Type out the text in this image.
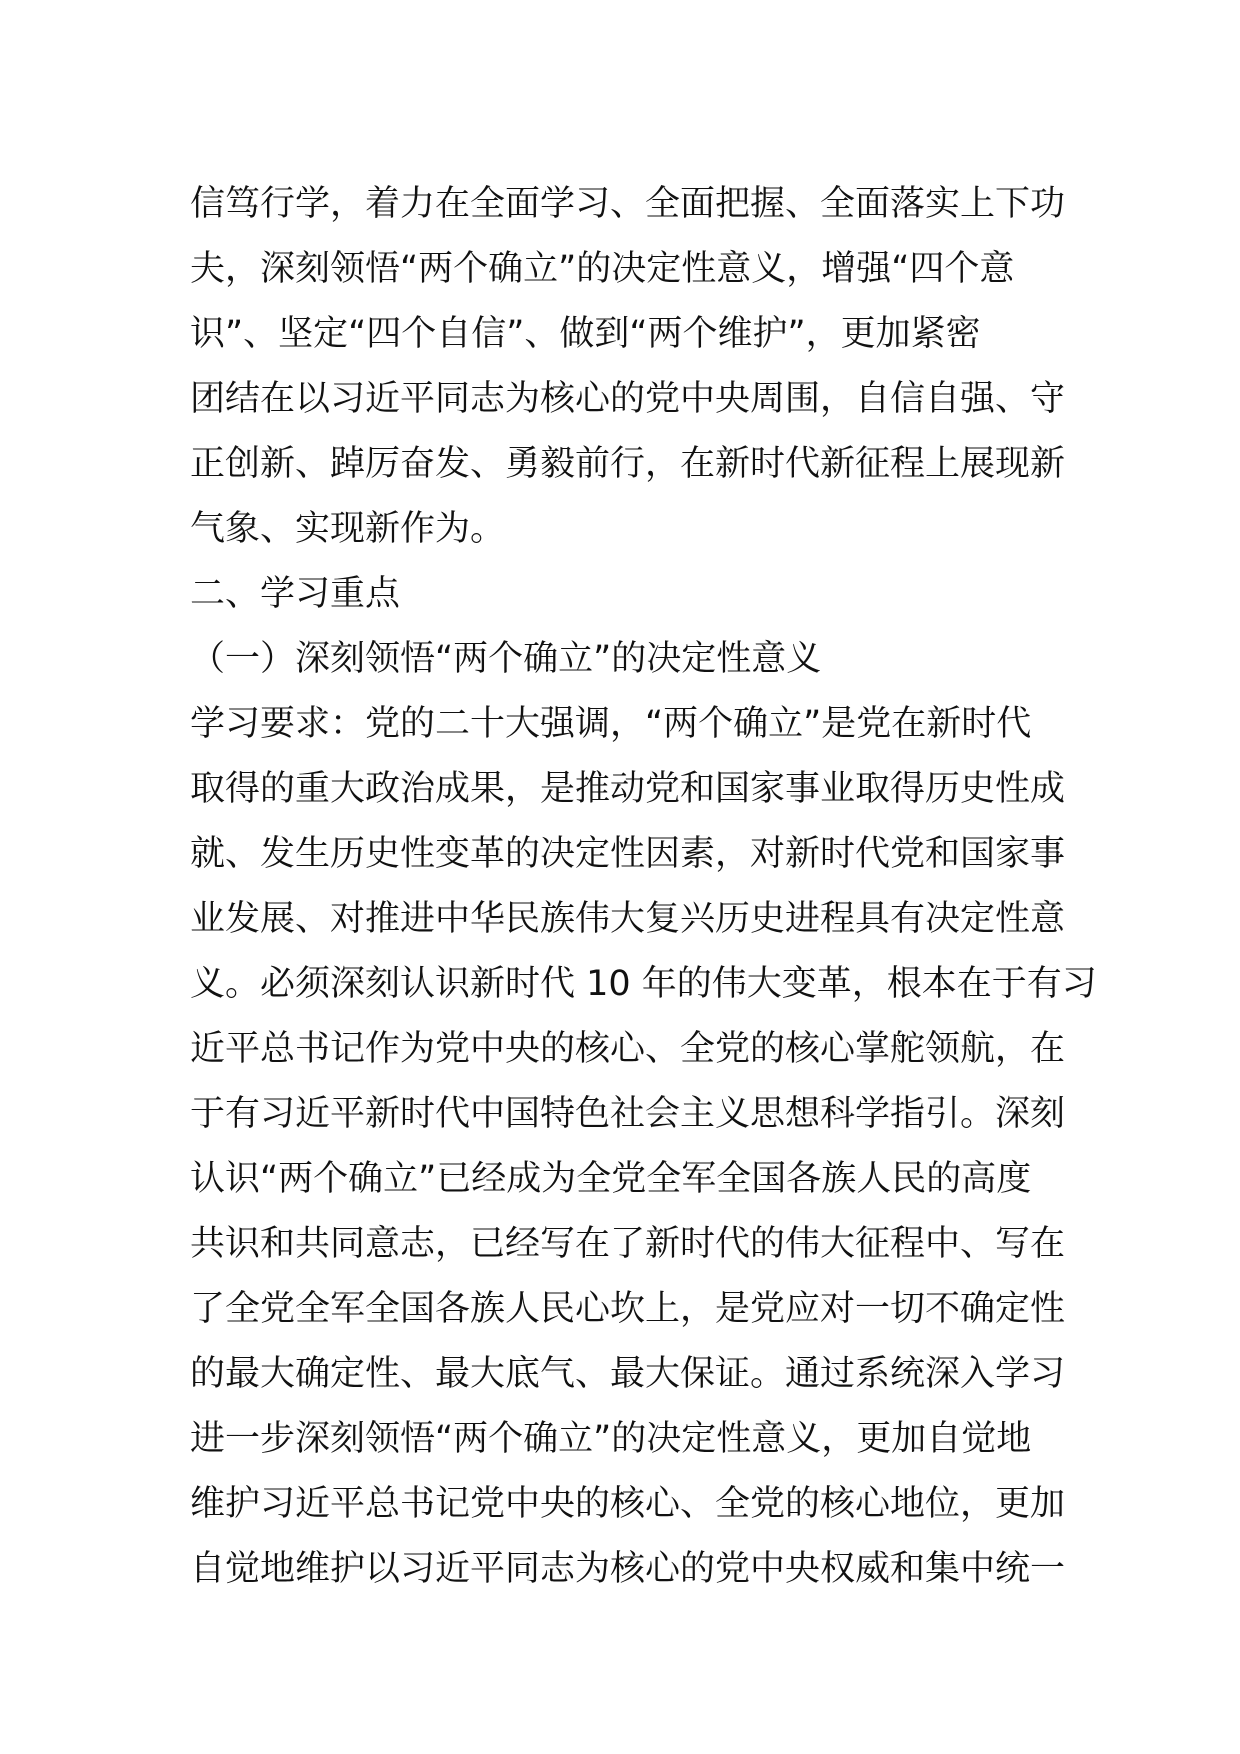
信笃行学，着力在全面学习、全面把握、全面落实上下功
夫，深刻领悟“两个确立”的决定性意义，增强“四个意
识”、坚定“四个自信”、做到“两个维护”，更加紧密
团结在以习近平同志为核心的党中央周围，自信自强、守
正创新、踔厉奋发、勇毅前行，在新时代新征程上展现新
气象、实现新作为。
二、学习重点
（一）深刻领悟“两个确立”的决定性意义
学习要求：党的二十大强调，“两个确立”是党在新时代
取得的重大政治成果，是推动党和国家事业取得历史性成
就、发生历史性变革的决定性因素，对新时代党和国家事
业发展、对推进中华民族伟大复兴历史进程具有决定性意
义。必须深刻认识新时代 10 年的伟大变革，根本在于有习
近平总书记作为党中央的核心、全党的核心掌舵领航，在
于有习近平新时代中国特色社会主义思想科学指引。深刻
认识“两个确立”已经成为全党全军全国各族人民的高度
共识和共同意志，已经写在了新时代的伟大征程中、写在
了全党全军全国各族人民心坎上，是党应对一切不确定性
的最大确定性、最大底气、最大保证。通过系统深入学习
进一步深刻领悟“两个确立”的决定性意义，更加自觉地
维护习近平总书记党中央的核心、全党的核心地位，更加
自觉地维护以习近平同志为核心的党中央权威和集中统一
